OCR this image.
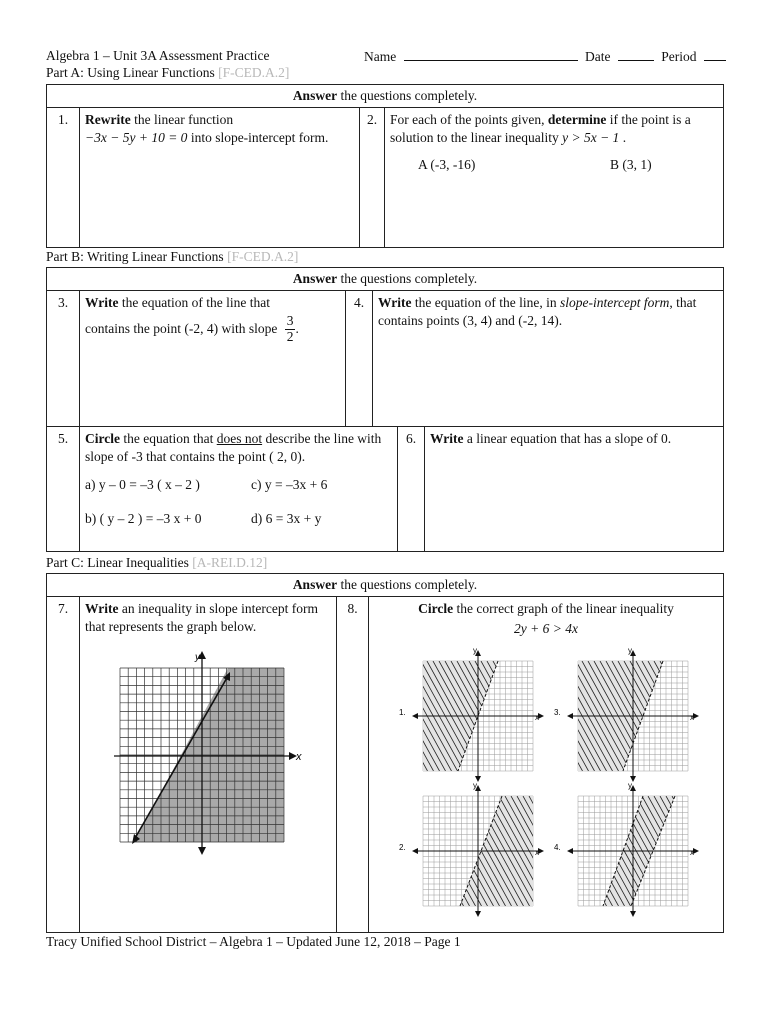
Algebra 1 – Unit 3A Assessment Practice	Name	Date	Period
Part A: Using Linear Functions [F-CED.A.2]
Answer the questions completely.
1.	Rewrite the linear function
−3x − 5y + 10 = 0 into slope-intercept form.	2.	For each of the points given, determine if the point is a solution to the linear inequality y > 5x − 1 .
A (-3, -16)	B (3, 1)
Part B: Writing Linear Functions [F-CED.A.2]
Answer the questions completely.
3.	Write the equation of the line that
contains the point (-2, 4) with slope $\frac{3}{2}$ .	4.	Write the equation of the line, in slope-intercept form, that contains points (3, 4) and (-2, 14).
5.	Circle the equation that does not describe the line with slope of -3 that contains the point ( 2, 0).
a) y – 0 = –3 ( x – 2 )	c) y = –3x + 6
b) ( y – 2 ) = –3 x + 0	d) 6 = 3x + y
	6.	Write a linear equation that has a slope of 0.
Part C: Linear Inequalities [A-REI.D.12]
Answer the questions completely.
7.	Write an inequality in slope intercept form that represents the graph below.	8.	Circle the correct graph of the linear inequality
2y + 6 > 4x
y
x
y
x
1.
y
x
3.
y
x
2.
y
x
4.
Tracy Unified School District – Algebra 1 – Updated June 12, 2018 – Page 1
